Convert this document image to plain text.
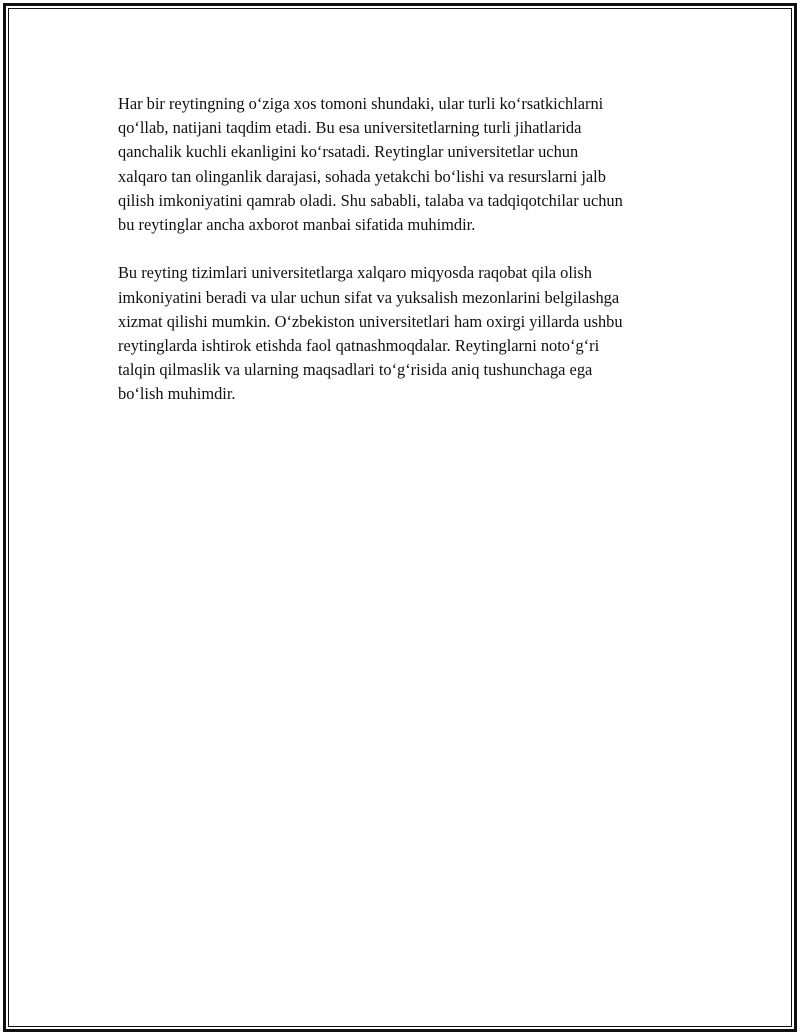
Har bir reytingning o‘ziga xos tomoni shundaki, ular turli ko‘rsatkichlarni
qo‘llab, natijani taqdim etadi. Bu esa universitetlarning turli jihatlarida
qanchalik kuchli ekanligini ko‘rsatadi. Reytinglar universitetlar uchun
xalqaro tan olinganlik darajasi, sohada yetakchi bo‘lishi va resurslarni jalb
qilish imkoniyatini qamrab oladi. Shu sababli, talaba va tadqiqotchilar uchun
bu reytinglar ancha axborot manbai sifatida muhimdir.
Bu reyting tizimlari universitetlarga xalqaro miqyosda raqobat qila olish
imkoniyatini beradi va ular uchun sifat va yuksalish mezonlarini belgilashga
xizmat qilishi mumkin. O‘zbekiston universitetlari ham oxirgi yillarda ushbu
reytinglarda ishtirok etishda faol qatnashmoqdalar. Reytinglarni noto‘g‘ri
talqin qilmaslik va ularning maqsadlari to‘g‘risida aniq tushunchaga ega
bo‘lish muhimdir.
